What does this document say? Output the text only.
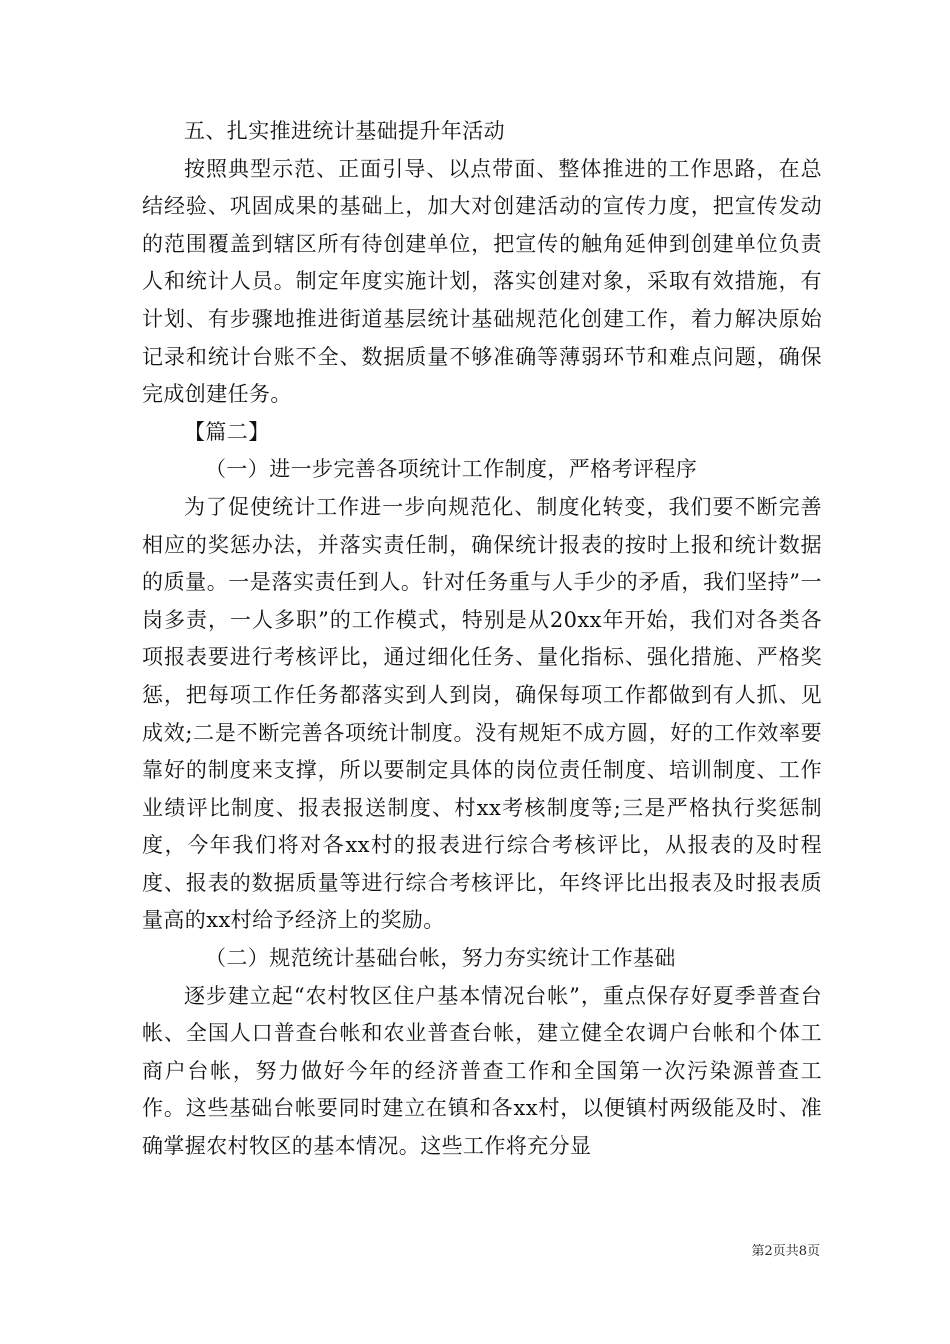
五、扎实推进统计基础提升年活动

按照典型示范、正面引导、以点带面、整体推进的工作思路，在总结经验、巩固成果的基础上，加大对创建活动的宣传力度，把宣传发动的范围覆盖到辖区所有待创建单位，把宣传的触角延伸到创建单位负责人和统计人员。制定年度实施计划，落实创建对象，采取有效措施，有计划、有步骤地推进街道基层统计基础规范化创建工作，着力解决原始记录和统计台账不全、数据质量不够准确等薄弱环节和难点问题，确保完成创建任务。

【篇二】

（一）进一步完善各项统计工作制度，严格考评程序

为了促使统计工作进一步向规范化、制度化转变，我们要不断完善相应的奖惩办法，并落实责任制，确保统计报表的按时上报和统计数据的质量。一是落实责任到人。针对任务重与人手少的矛盾，我们坚持”一岗多责，一人多职”的工作模式，特别是从20xx年开始，我们对各类各项报表要进行考核评比，通过细化任务、量化指标、强化措施、严格奖惩，把每项工作任务都落实到人到岗，确保每项工作都做到有人抓、见成效;二是不断完善各项统计制度。没有规矩不成方圆，好的工作效率要靠好的制度来支撑，所以要制定具体的岗位责任制度、培训制度、工作业绩评比制度、报表报送制度、村xx考核制度等;三是严格执行奖惩制度，今年我们将对各xx村的报表进行综合考核评比，从报表的及时程度、报表的数据质量等进行综合考核评比，年终评比出报表及时报表质量高的xx村给予经济上的奖励。

（二）规范统计基础台帐，努力夯实统计工作基础

逐步建立起“农村牧区住户基本情况台帐”，重点保存好夏季普查台帐、全国人口普查台帐和农业普查台帐，建立健全农调户台帐和个体工商户台帐，努力做好今年的经济普查工作和全国第一次污染源普查工作。这些基础台帐要同时建立在镇和各xx村，以便镇村两级能及时、准确掌握农村牧区的基本情况。这些工作将充分显

第2页共8页
